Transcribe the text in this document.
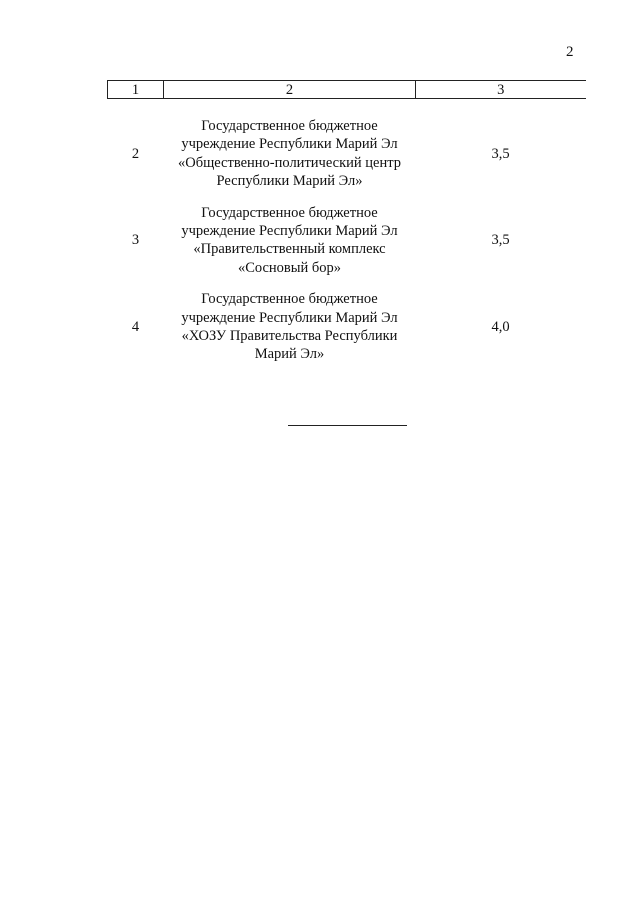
2
1	2	3
2	Государственное бюджетное учреждение Республики Марий Эл «Общественно-политический центр Республики Марий Эл»	3,5
3	Государственное бюджетное учреждение Республики Марий Эл «Правительственный комплекс «Сосновый бор»	3,5
4	Государственное бюджетное учреждение Республики Марий Эл «ХОЗУ Правительства Республики Марий Эл»	4,0
